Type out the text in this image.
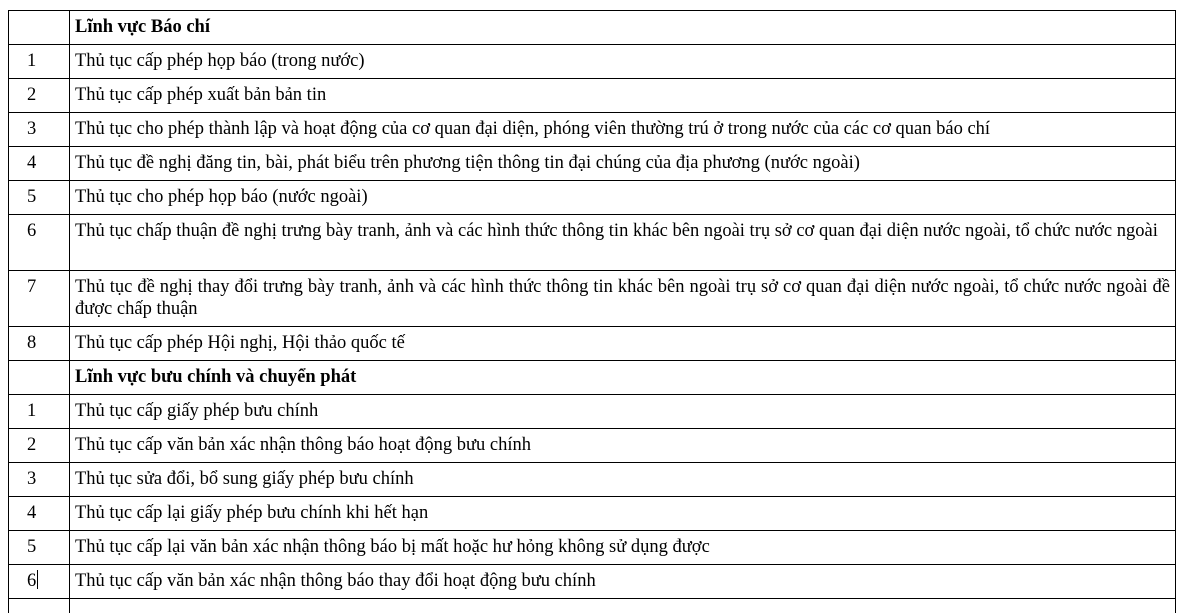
	Lĩnh vực Báo chí
1	Thủ tục cấp phép họp báo (trong nước)
2	Thủ tục cấp phép xuất bản bản tin
3	Thủ tục cho phép thành lập và hoạt động của cơ quan đại diện, phóng viên thường trú ở trong nước của các cơ quan báo chí
4	Thủ tục đề nghị đăng tin, bài, phát biểu trên phương tiện thông tin đại chúng của địa phương (nước ngoài)
5	Thủ tục cho phép họp báo (nước ngoài)
6	Thủ tục chấp thuận đề nghị trưng bày tranh, ảnh và các hình thức thông tin khác bên ngoài trụ sở cơ quan đại diện nước ngoài, tổ chức nước ngoài
7	Thủ tục đề nghị thay đổi trưng bày tranh, ảnh và các hình thức thông tin khác bên ngoài trụ sở cơ quan đại diện nước ngoài, tổ chức nước ngoài đề được chấp thuận
8	Thủ tục cấp phép Hội nghị, Hội thảo quốc tế
	Lĩnh vực bưu chính và chuyển phát
1	Thủ tục cấp giấy phép bưu chính
2	Thủ tục cấp văn bản xác nhận thông báo hoạt động bưu chính
3	Thủ tục sửa đổi, bổ sung giấy phép bưu chính
4	Thủ tục cấp lại giấy phép bưu chính khi hết hạn
5	Thủ tục cấp lại văn bản xác nhận thông báo bị mất hoặc hư hỏng không sử dụng được
6	Thủ tục cấp văn bản xác nhận thông báo thay đổi hoạt động bưu chính
